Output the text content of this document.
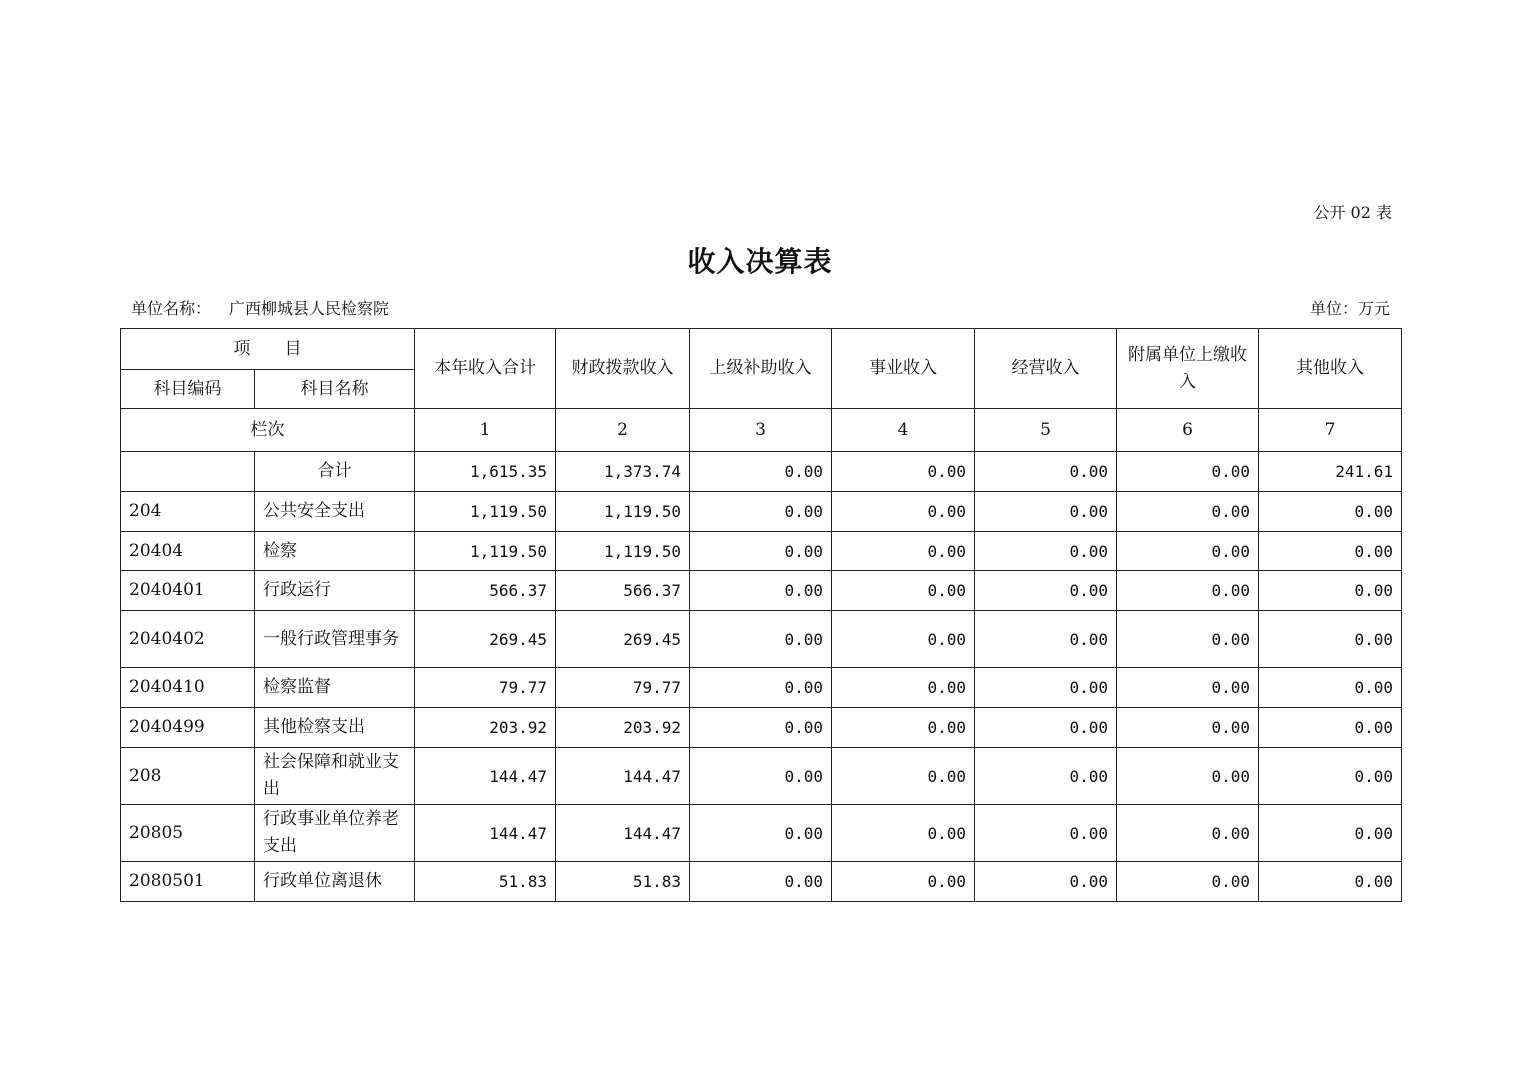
公开 02 表
收入决算表
单位名称： 广西柳城县人民检察院	单位：万元
项　　目		本年收入合计	财政拨款收入	上级补助收入	事业收入	经营收入	附属单位上缴收入	其他收入
科目编码	科目名称							
栏次		1	2	3	4	5	6	7
	合计	1,615.35	1,373.74	0.00	0.00	0.00	0.00	241.61
204	公共安全支出	1,119.50	1,119.50	0.00	0.00	0.00	0.00	0.00
20404	检察	1,119.50	1,119.50	0.00	0.00	0.00	0.00	0.00
2040401	行政运行	566.37	566.37	0.00	0.00	0.00	0.00	0.00
2040402	一般行政管理事务	269.45	269.45	0.00	0.00	0.00	0.00	0.00
2040410	检察监督	79.77	79.77	0.00	0.00	0.00	0.00	0.00
2040499	其他检察支出	203.92	203.92	0.00	0.00	0.00	0.00	0.00
208	社会保障和就业支出	144.47	144.47	0.00	0.00	0.00	0.00	0.00
20805	行政事业单位养老支出	144.47	144.47	0.00	0.00	0.00	0.00	0.00
2080501	行政单位离退休	51.83	51.83	0.00	0.00	0.00	0.00	0.00
